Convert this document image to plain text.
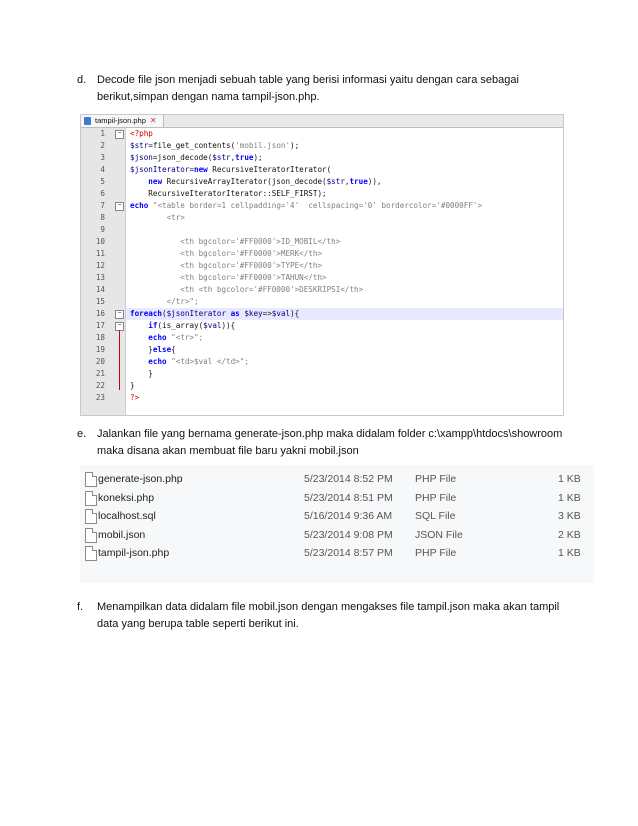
d. Decode file json menjadi sebuah table yang berisi informasi yaitu dengan cara sebagai
berikut,simpan dengan nama tampil-json.php.
tampil-json.php ✕
1	−
2
3
4
5
6
7	−
8
9
10
11
12
13
14
15
16	−
17	−
18
19
20
21
22
23
<?php
$str=file_get_contents('mobil.json');
$json=json_decode($str,true);
$jsonIterator=new RecursiveIteratorIterator(
new RecursiveArrayIterator(json_decode($str,true)),
RecursiveIteratorIterator::SELF_FIRST);
echo "<table border=1 cellpadding='4'  cellspacing='0' bordercolor='#0000FF'>
<tr>
<th bgcolor='#FF0000'>ID_MOBIL</th>
<th bgcolor='#FF0000'>MERK</th>
<th bgcolor='#FF0000'>TYPE</th>
<th bgcolor='#FF0000'>TAHUN</th>
<th <th bgcolor='#FF0000'>DESKRIPSI</th>
</tr>";
foreach($jsonIterator as $key=>$val){
if(is_array($val)){
echo "<tr>";
}else{
echo "<td>$val </td>";
}
}
?>
e. Jalankan file yang bernama generate-json.php maka didalam folder c:\xampp\htdocs\showroom
maka disana akan membuat file baru yakni mobil.json
generate-json.php	5/23/2014 8:52 PM PHP File	1 KB
koneksi.php	5/23/2014 8:51 PM PHP File	1 KB
localhost.sql	5/16/2014 9:36 AM SQL File	3 KB
mobil.json	5/23/2014 9:08 PM JSON File	2 KB
tampil-json.php	5/23/2014 8:57 PM PHP File	1 KB
f. Menampilkan data didalam file mobil.json dengan mengakses file tampil.json maka akan tampil
data yang berupa table seperti berikut ini.
